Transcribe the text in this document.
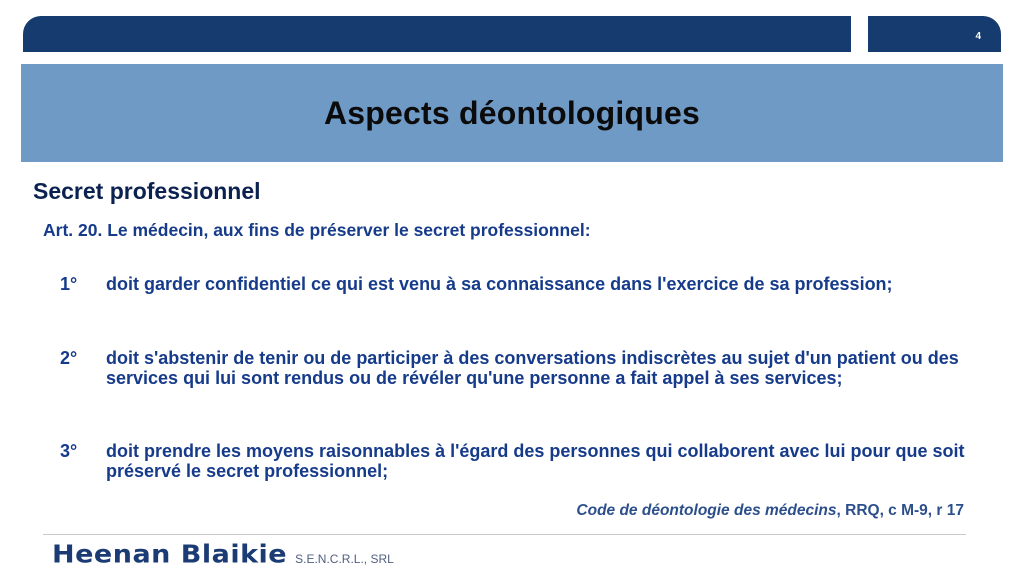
4
Aspects déontologiques
Secret professionnel
Art. 20. Le médecin, aux fins de préserver le secret professionnel:
1°	doit garder confidentiel ce qui est venu à sa connaissance dans l'exercice de sa profession;
2°	doit s'abstenir de tenir ou de participer à des conversations indiscrètes au sujet d'un patient ou des services qui lui sont rendus ou de révéler qu'une personne a fait appel à ses services;
3°	doit prendre les moyens raisonnables à l'égard des personnes qui collaborent avec lui pour que soit préservé le secret professionnel;
Code de déontologie des médecins, RRQ, c M-9, r 17
Heenan Blaikie S.E.N.C.R.L., SRL
